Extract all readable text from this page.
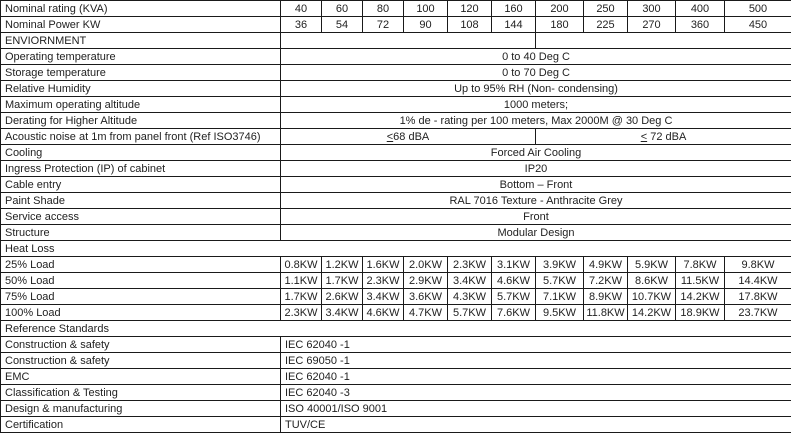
Nominal rating (KVA)	40	60	80	100	120	160	200	250	300	400	500
Nominal Power KW	36	54	72	90	108	144	180	225	270	360	450
ENVIORNMENT											
Operating temperature	0 to 40 Deg C										
Storage temperature	0 to 70 Deg C										
Relative Humidity	Up to 95% RH (Non- condensing)										
Maximum operating altitude	1000 meters;										
Derating for Higher Altitude	1% de - rating per 100 meters, Max 2000M @ 30 Deg C										
Acoustic noise at 1m from panel front (Ref ISO3746)	<68 dBA						< 72 dBA				
Cooling	Forced Air Cooling										
Ingress Protection (IP) of cabinet	IP20										
Cable entry	Bottom – Front										
Paint Shade	RAL 7016 Texture - Anthracite Grey										
Service access	Front										
Structure	Modular Design										
Heat Loss											
25% Load	0.8KW	1.2KW	1.6KW	2.0KW	2.3KW	3.1KW	3.9KW	4.9KW	5.9KW	7.8KW	9.8KW
50% Load	1.1KW	1.7KW	2.3KW	2.9KW	3.4KW	4.6KW	5.7KW	7.2KW	8.6KW	11.5KW	14.4KW
75% Load	1.7KW	2.6KW	3.4KW	3.6KW	4.3KW	5.7KW	7.1KW	8.9KW	10.7KW	14.2KW	17.8KW
100% Load	2.3KW	3.4KW	4.6KW	4.7KW	5.7KW	7.6KW	9.5KW	11.8KW	14.2KW	18.9KW	23.7KW
Reference Standards											
Construction & safety	IEC 62040 -1										
Construction & safety	IEC 69050 -1										
EMC	IEC 62040 -1										
Classification & Testing	IEC 62040 -3										
Design & manufacturing	ISO 40001/ISO 9001										
Certification	TUV/CE										
